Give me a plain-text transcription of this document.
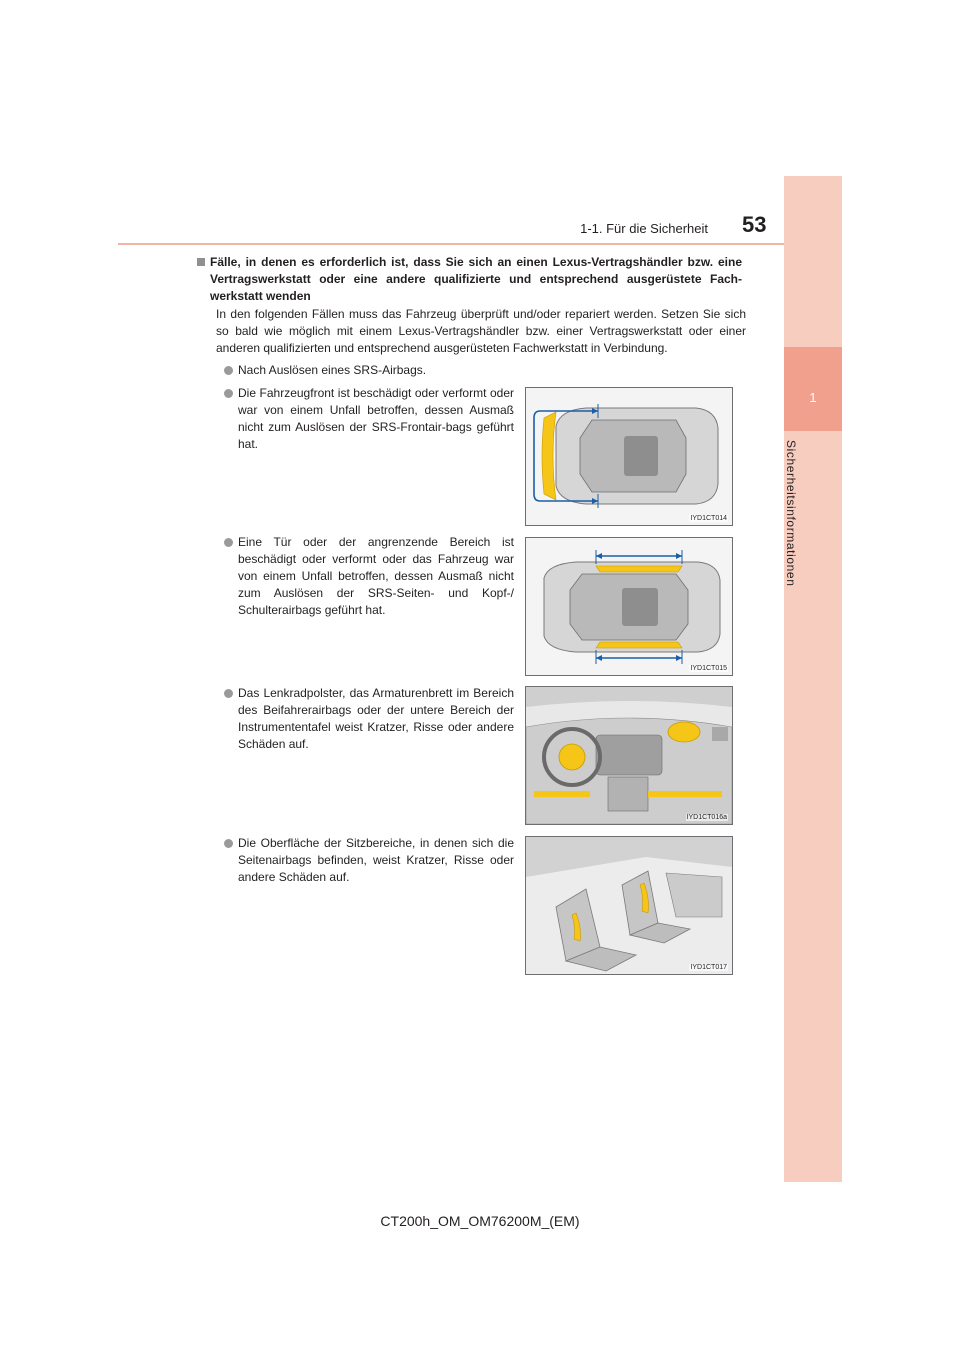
1
Sicherheitsinformationen
1-1. Für die Sicherheit 53
Fälle, in denen es erforderlich ist, dass Sie sich an einen Lexus-Vertragshändler bzw. eine Vertragswerkstatt oder eine andere qualifizierte und entsprechend ausgerüstete Fach-werkstatt wenden
In den folgenden Fällen muss das Fahrzeug überprüft und/oder repariert werden. Setzen Sie sich so bald wie möglich mit einem Lexus-Vertragshändler bzw. einer Vertragswerkstatt oder einer anderen qualifizierten und entsprechend ausgerüsteten Fachwerkstatt in Verbindung.
Nach Auslösen eines SRS-Airbags.
Die Fahrzeugfront ist beschädigt oder verformt oder war von einem Unfall betroffen, dessen Ausmaß nicht zum Auslösen der SRS-Frontair-bags geführt hat.
Eine Tür oder der angrenzende Bereich ist beschädigt oder verformt oder das Fahrzeug war von einem Unfall betroffen, dessen Ausmaß nicht zum Auslösen der SRS-Seiten- und Kopf-/ Schulterairbags geführt hat.
Das Lenkradpolster, das Armaturenbrett im Bereich des Beifahrerairbags oder der untere Bereich der Instrumententafel weist Kratzer, Risse oder andere Schäden auf.
Die Oberfläche der Sitzbereiche, in denen sich die Seitenairbags befinden, weist Kratzer, Risse oder andere Schäden auf.
IYD1CT014
IYD1CT015
IYD1CT016a
IYD1CT017
CT200h_OM_OM76200M_(EM)
